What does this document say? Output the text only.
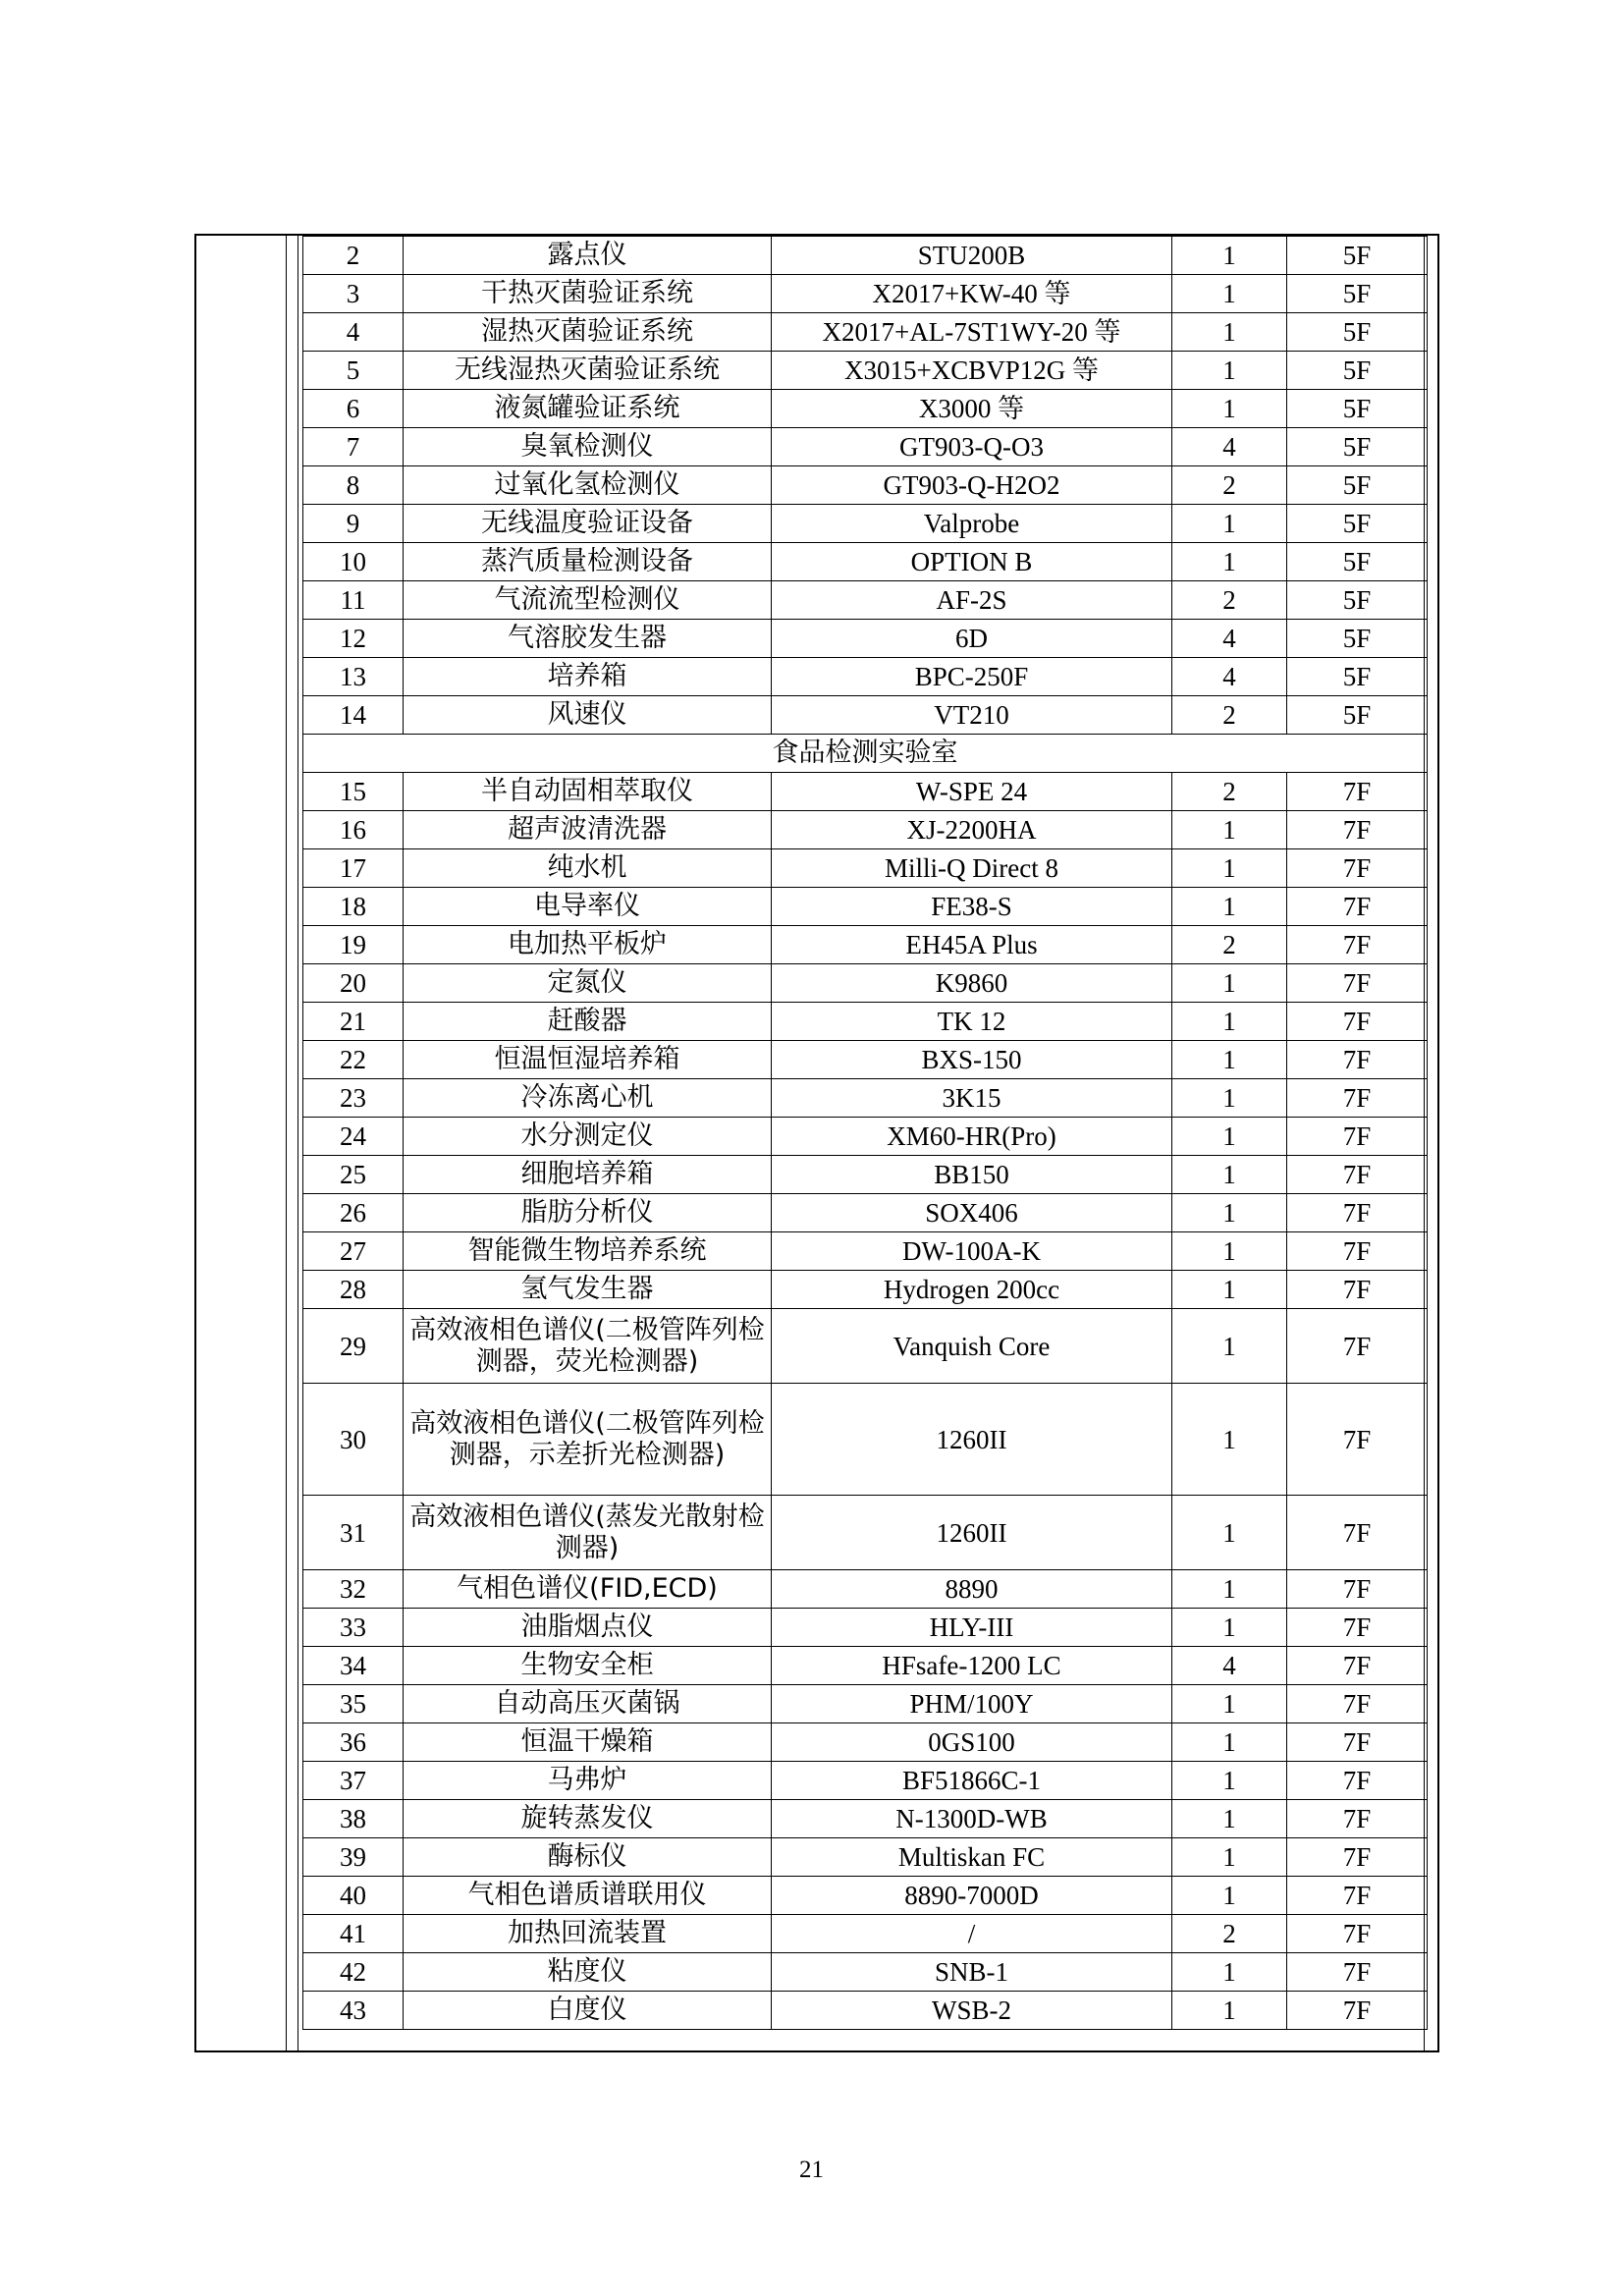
2	露点仪	STU200B	1	5F
3	干热灭菌验证系统	X2017+KW-40 等	1	5F
4	湿热灭菌验证系统	X2017+AL-7ST1WY-20 等	1	5F
5	无线湿热灭菌验证系统	X3015+XCBVP12G 等	1	5F
6	液氮罐验证系统	X3000 等	1	5F
7	臭氧检测仪	GT903-Q-O3	4	5F
8	过氧化氢检测仪	GT903-Q-H2O2	2	5F
9	无线温度验证设备	Valprobe	1	5F
10	蒸汽质量检测设备	OPTION B	1	5F
11	气流流型检测仪	AF-2S	2	5F
12	气溶胶发生器	6D	4	5F
13	培养箱	BPC-250F	4	5F
14	风速仪	VT210	2	5F
食品检测实验室				
15	半自动固相萃取仪	W-SPE 24	2	7F
16	超声波清洗器	XJ-2200HA	1	7F
17	纯水机	Milli-Q Direct 8	1	7F
18	电导率仪	FE38-S	1	7F
19	电加热平板炉	EH45A Plus	2	7F
20	定氮仪	K9860	1	7F
21	赶酸器	TK 12	1	7F
22	恒温恒湿培养箱	BXS-150	1	7F
23	冷冻离心机	3K15	1	7F
24	水分测定仪	XM60-HR(Pro)	1	7F
25	细胞培养箱	BB150	1	7F
26	脂肪分析仪	SOX406	1	7F
27	智能微生物培养系统	DW-100A-K	1	7F
28	氢气发生器	Hydrogen 200cc	1	7F
29	高效液相色谱仪(二极管阵列检测器，荧光检测器)	Vanquish Core	1	7F
30	高效液相色谱仪(二极管阵列检测器，示差折光检测器)	1260II	1	7F
31	高效液相色谱仪(蒸发光散射检测器)	1260II	1	7F
32	气相色谱仪(FID,ECD)	8890	1	7F
33	油脂烟点仪	HLY-III	1	7F
34	生物安全柜	HFsafe-1200 LC	4	7F
35	自动高压灭菌锅	PHM/100Y	1	7F
36	恒温干燥箱	0GS100	1	7F
37	马弗炉	BF51866C-1	1	7F
38	旋转蒸发仪	N-1300D-WB	1	7F
39	酶标仪	Multiskan FC	1	7F
40	气相色谱质谱联用仪	8890-7000D	1	7F
41	加热回流装置	/	2	7F
42	粘度仪	SNB-1	1	7F
43	白度仪	WSB-2	1	7F
21
